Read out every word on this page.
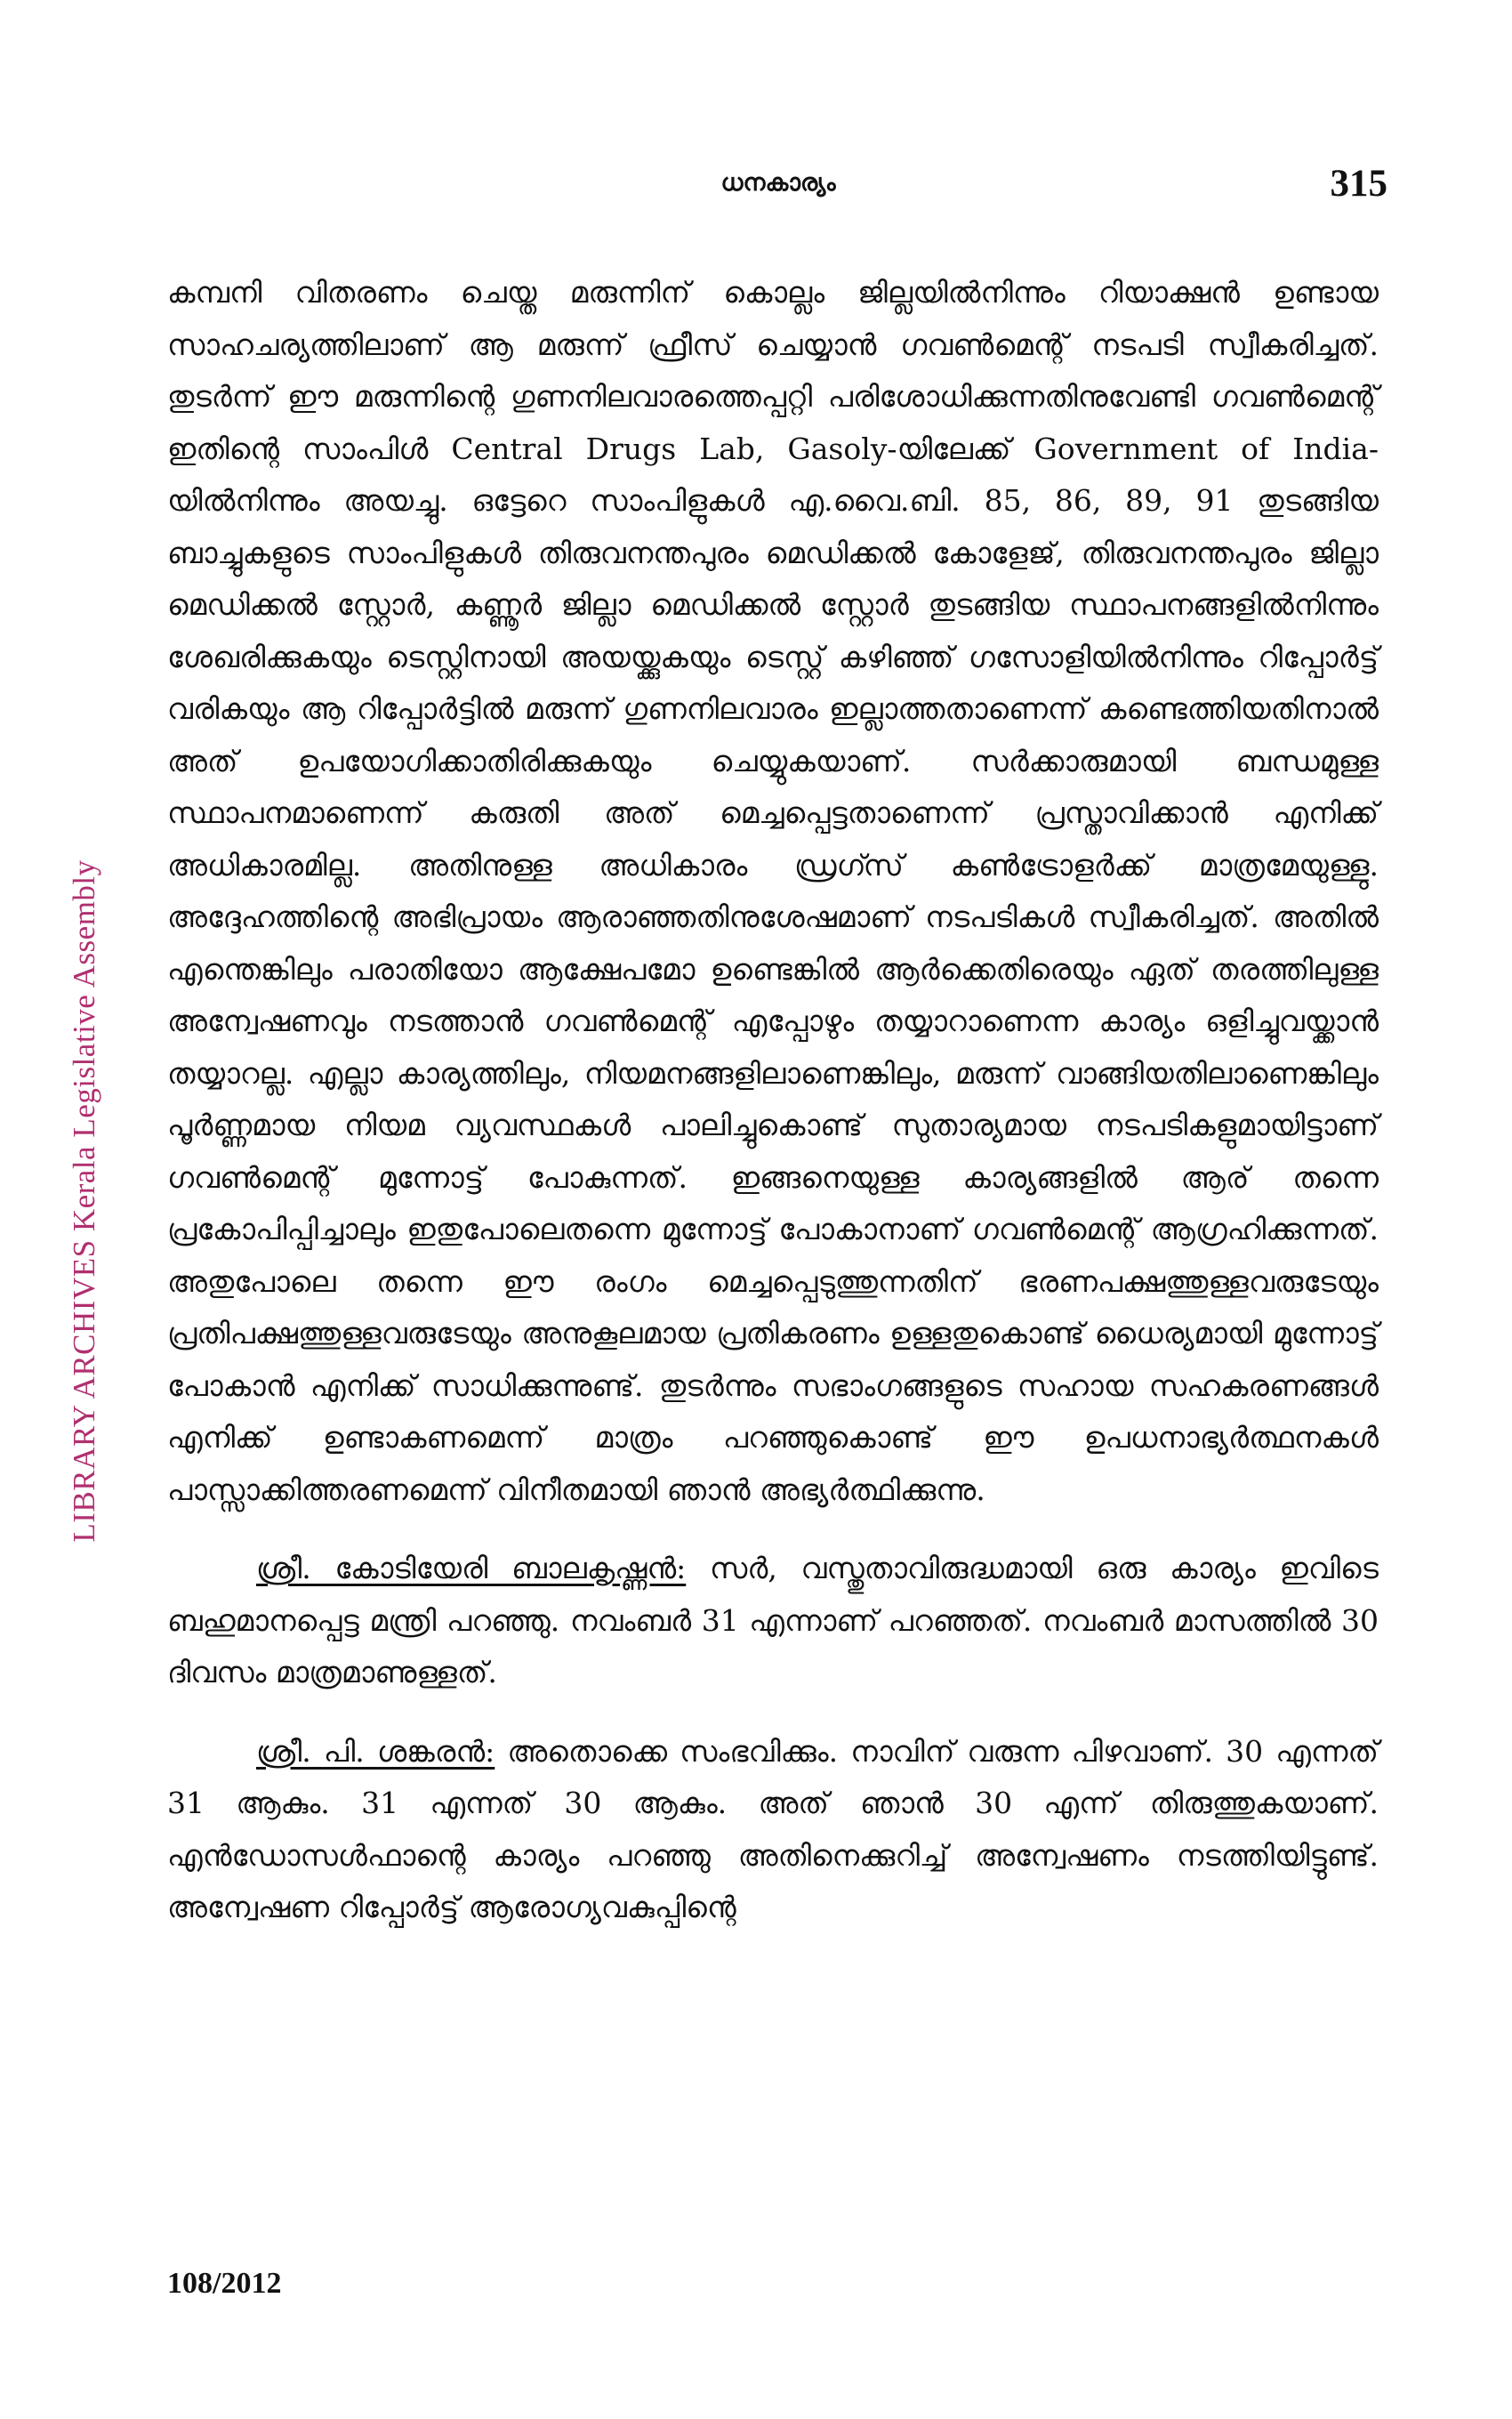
ധനകാര്യം	315
LIBRARY ARCHIVES Kerala Legislative Assembly

കമ്പനി വിതരണം ചെയ്ത മരുന്നിന് കൊല്ലം ജില്ലയിൽനിന്നും റിയാക്ഷൻ ഉണ്ടായ സാഹചര്യത്തിലാണ് ആ മരുന്ന് ഫ്രീസ് ചെയ്യാൻ ഗവൺമെന്റ് നടപടി സ്വീകരിച്ചത്. തുടർന്ന് ഈ മരുന്നിന്റെ ഗുണനിലവാരത്തെപ്പറ്റി പരിശോധിക്കുന്നതിനുവേണ്ടി ഗവൺമെന്റ് ഇതിന്റെ സാംപിൾ Central Drugs Lab, Gasoly-യിലേക്ക് Government of India-യിൽനിന്നും അയച്ചു. ഒട്ടേറെ സാംപിളുകൾ എ.വൈ.ബി. 85, 86, 89, 91 തുടങ്ങിയ ബാച്ചുകളുടെ സാംപിളുകൾ തിരുവനന്തപുരം മെഡിക്കൽ കോളേജ്, തിരുവനന്തപുരം ജില്ലാ മെഡിക്കൽ സ്റ്റോർ, കണ്ണൂർ ജില്ലാ മെഡിക്കൽ സ്റ്റോർ തുടങ്ങിയ സ്ഥാപനങ്ങളിൽനിന്നും ശേഖരിക്കുകയും ടെസ്റ്റിനായി അയയ്ക്കുകയും ടെസ്റ്റ് കഴിഞ്ഞ് ഗസോളിയിൽനിന്നും റിപ്പോർട്ട് വരികയും ആ റിപ്പോർട്ടിൽ മരുന്ന് ഗുണനിലവാരം ഇല്ലാത്തതാണെന്ന് കണ്ടെത്തിയതിനാൽ അത് ഉപയോഗിക്കാതിരിക്കുകയും ചെയ്യുകയാണ്. സർക്കാരുമായി ബന്ധമുള്ള സ്ഥാപനമാണെന്ന് കരുതി അത് മെച്ചപ്പെട്ടതാണെന്ന് പ്രസ്താവിക്കാൻ എനിക്ക് അധികാരമില്ല. അതിനുള്ള അധികാരം ഡ്രഗ്സ് കൺട്രോളർക്ക് മാത്രമേയുള്ളു. അദ്ദേഹത്തിന്റെ അഭിപ്രായം ആരാഞ്ഞതിനുശേഷമാണ് നടപടികൾ സ്വീകരിച്ചത്. അതിൽ എന്തെങ്കിലും പരാതിയോ ആക്ഷേപമോ ഉണ്ടെങ്കിൽ ആർക്കെതിരെയും ഏത് തരത്തിലുള്ള അന്വേഷണവും നടത്താൻ ഗവൺമെന്റ് എപ്പോഴും തയ്യാറാണെന്ന കാര്യം ഒളിച്ചുവയ്ക്കാൻ തയ്യാറല്ല. എല്ലാ കാര്യത്തിലും, നിയമനങ്ങളിലാണെങ്കിലും, മരുന്ന് വാങ്ങിയതിലാണെങ്കിലും പൂർണ്ണമായ നിയമ വ്യവസ്ഥകൾ പാലിച്ചുകൊണ്ട് സുതാര്യമായ നടപടികളുമായിട്ടാണ് ഗവൺമെന്റ് മുന്നോട്ട് പോകുന്നത്. ഇങ്ങനെയുള്ള കാര്യങ്ങളിൽ ആര് തന്നെ പ്രകോപിപ്പിച്ചാലും ഇതുപോലെതന്നെ മുന്നോട്ട് പോകാനാണ് ഗവൺമെന്റ് ആഗ്രഹിക്കുന്നത്. അതുപോലെ തന്നെ ഈ രംഗം മെച്ചപ്പെടുത്തുന്നതിന് ഭരണപക്ഷത്തുള്ളവരുടേയും പ്രതിപക്ഷത്തുള്ളവരുടേയും അനുകൂലമായ പ്രതികരണം ഉള്ളതുകൊണ്ട് ധൈര്യമായി മുന്നോട്ട് പോകാൻ എനിക്ക് സാധിക്കുന്നുണ്ട്. തുടർന്നും സഭാംഗങ്ങളുടെ സഹായ സഹകരണങ്ങൾ എനിക്ക് ഉണ്ടാകണമെന്ന് മാത്രം പറഞ്ഞുകൊണ്ട് ഈ ഉപധനാഭ്യർത്ഥനകൾ പാസ്സാക്കിത്തരണമെന്ന് വിനീതമായി ഞാൻ അഭ്യർത്ഥിക്കുന്നു.

ശ്രീ. കോടിയേരി ബാലകൃഷ്ണൻ: സർ, വസ്തുതാവിരുദ്ധമായി ഒരു കാര്യം ഇവിടെ ബഹുമാനപ്പെട്ട മന്ത്രി പറഞ്ഞു. നവംബർ 31 എന്നാണ് പറഞ്ഞത്. നവംബർ മാസത്തിൽ 30 ദിവസം മാത്രമാണുള്ളത്.

ശ്രീ. പി. ശങ്കരൻ: അതൊക്കെ സംഭവിക്കും. നാവിന് വരുന്ന പിഴവാണ്. 30 എന്നത് 31 ആകും. 31 എന്നത് 30 ആകും. അത് ഞാൻ 30 എന്ന് തിരുത്തുകയാണ്. എൻഡോസൾഫാന്റെ കാര്യം പറഞ്ഞു അതിനെക്കുറിച്ച് അന്വേഷണം നടത്തിയിട്ടുണ്ട്. അന്വേഷണ റിപ്പോർട്ട് ആരോഗ്യവകുപ്പിന്റെ

108/2012
